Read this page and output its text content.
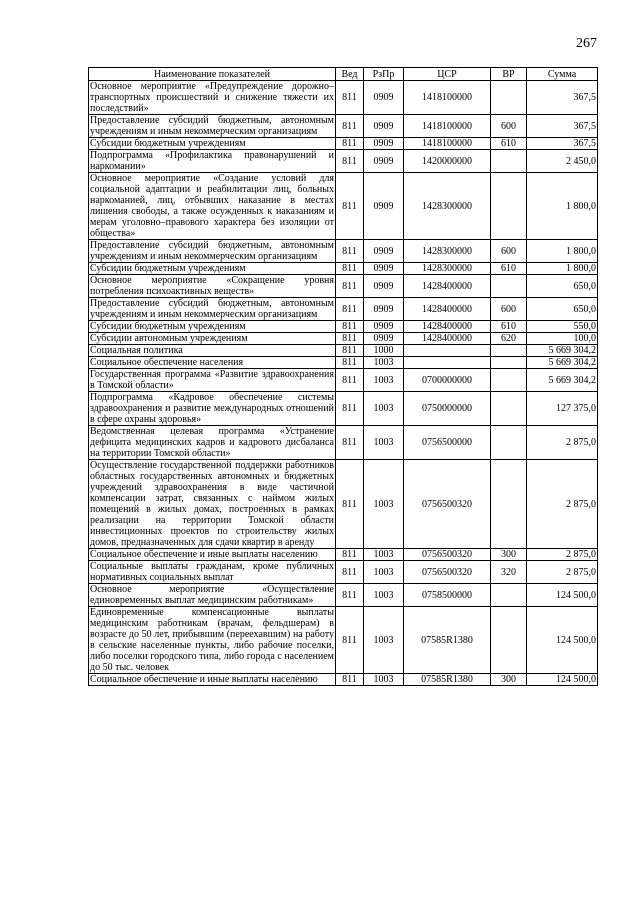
267
Наименование показателей	Вед	РзПр	ЦСР	ВР	Сумма
Основное мероприятие «Предупреждение дорожно–транспортных происшествий и снижение тяжести их последствий»	811	0909	1418100000		367,5
Предоставление субсидий бюджетным, автономным учреждениям и иным некоммерческим организациям	811	0909	1418100000	600	367,5
Субсидии бюджетным учреждениям	811	0909	1418100000	610	367,5
Подпрограмма «Профилактика правонарушений и наркомании»	811	0909	1420000000		2 450,0
Основное мероприятие «Создание условий для социальной адаптации и реабилитации лиц, больных наркоманией, лиц, отбывших наказание в местах лишения свободы, а также осужденных к наказаниям и мерам уголовно–правового характера без изоляции от общества»	811	0909	1428300000		1 800,0
Предоставление субсидий бюджетным, автономным учреждениям и иным некоммерческим организациям	811	0909	1428300000	600	1 800,0
Субсидии бюджетным учреждениям	811	0909	1428300000	610	1 800,0
Основное мероприятие «Сокращение уровня потребления психоактивных веществ»	811	0909	1428400000		650,0
Предоставление субсидий бюджетным, автономным учреждениям и иным некоммерческим организациям	811	0909	1428400000	600	650,0
Субсидии бюджетным учреждениям	811	0909	1428400000	610	550,0
Субсидии автономным учреждениям	811	0909	1428400000	620	100,0
Социальная политика	811	1000			5 669 304,2
Социальное обеспечение населения	811	1003			5 669 304,2
Государственная программа «Развитие здравоохранения в Томской области»	811	1003	0700000000		5 669 304,2
Подпрограмма «Кадровое обеспечение системы здравоохранения и развитие международных отношений в сфере охраны здоровья»	811	1003	0750000000		127 375,0
Ведомственная целевая программа «Устранение дефицита медицинских кадров и кадрового дисбаланса на территории Томской области»	811	1003	0756500000		2 875,0
Осуществление государственной поддержки работников областных государственных автономных и бюджетных учреждений здравоохранения в виде частичной компенсации затрат, связанных с наймом жилых помещений в жилых домах, построенных в рамках реализации на территории Томской области инвестиционных проектов по строительству жилых домов, предназначенных для сдачи квартир в аренду	811	1003	0756500320		2 875,0
Социальное обеспечение и иные выплаты населению	811	1003	0756500320	300	2 875,0
Социальные выплаты гражданам, кроме публичных нормативных социальных выплат	811	1003	0756500320	320	2 875,0
Основное мероприятие «Осуществление единовременных выплат медицинским работникам»	811	1003	0758500000		124 500,0
Единовременные компенсационные выплаты медицинским работникам (врачам, фельдшерам) в возрасте до 50 лет, прибывшим (переехавшим) на работу в сельские населенные пункты, либо рабочие поселки, либо поселки городского типа, либо города с населением до 50 тыс. человек	811	1003	07585R1380		124 500,0
Социальное обеспечение и иные выплаты населению	811	1003	07585R1380	300	124 500,0
